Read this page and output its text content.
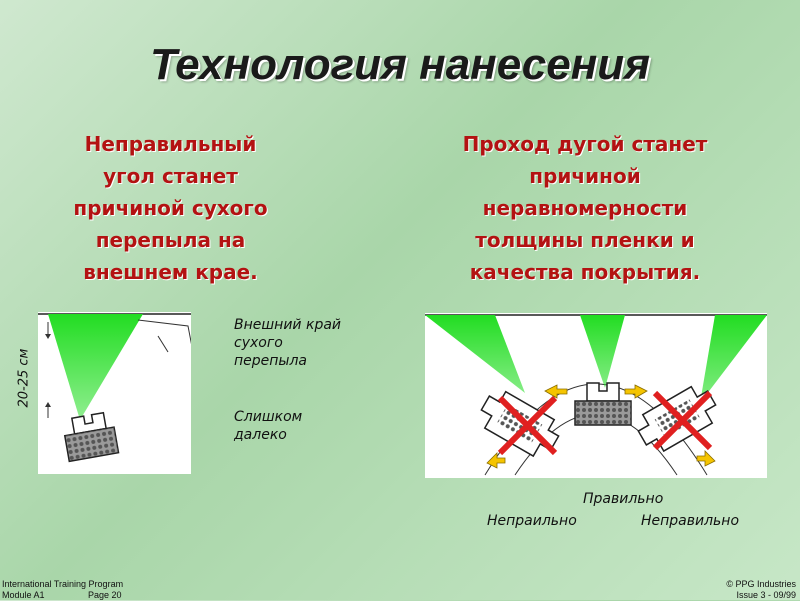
Технология нанесения
Неправильный
угол станет
причиной сухого
перепыла на
внешнем крае.
Проход дугой станет
причиной
неравномерности
толщины пленки и
качества покрытия.
Внешний край
сухого
перепыла
Слишком
далеко
20-25 см
Правильно
Непраильно	Неправильно
International Training Program
Module A1	Page 20
© PPG Industries
Issue 3 - 09/99
